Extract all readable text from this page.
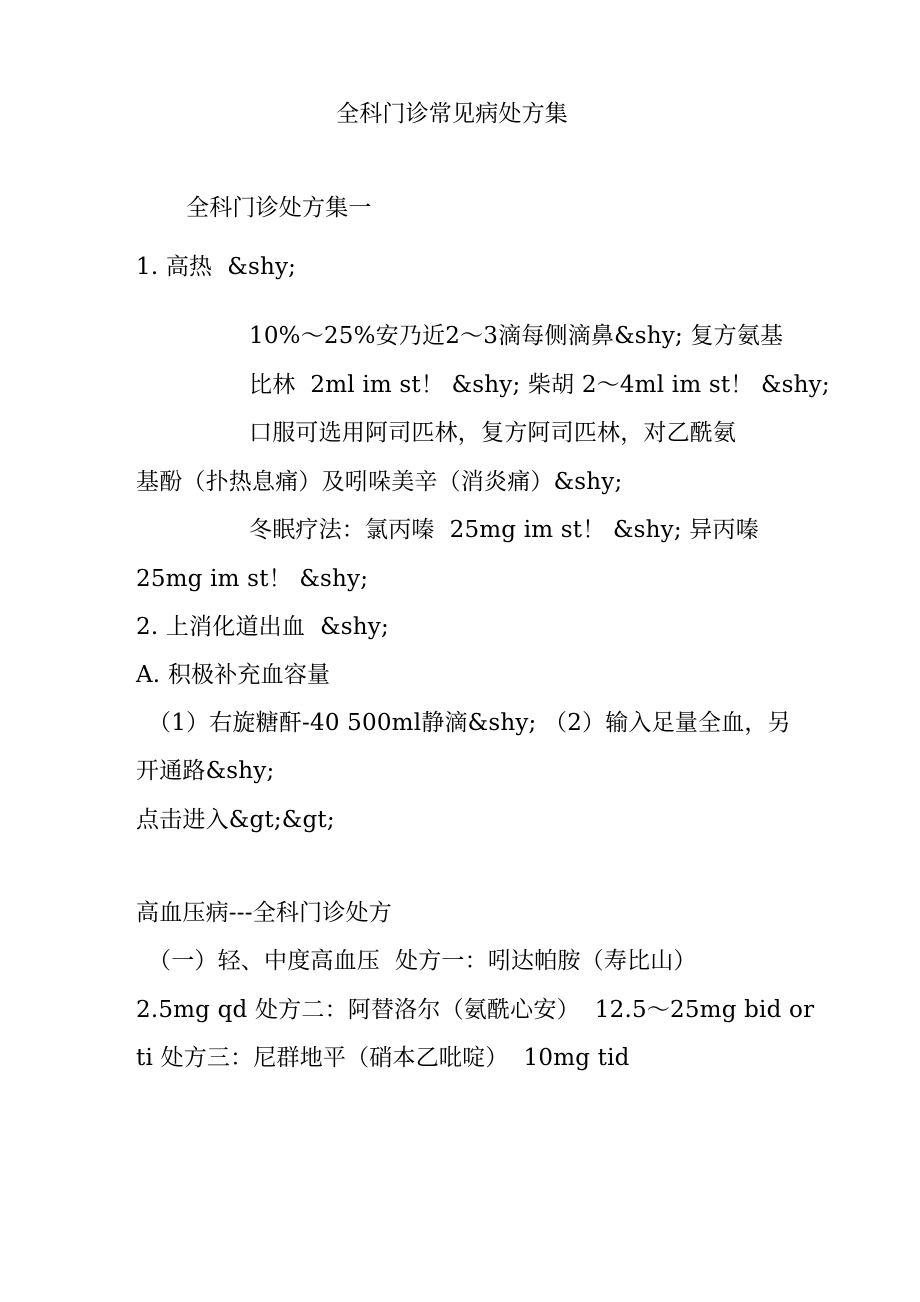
全科门诊常见病处方集
全科门诊处方集一
1. 高热  &shy;
10%〜25%安乃近2〜3滴每侧滴鼻&shy; 复方氨基
比林  2ml im st！ &shy; 柴胡 2〜4ml im st！ &shy;
口服可选用阿司匹林，复方阿司匹林，对乙酰氨
基酚（扑热息痛）及吲哚美辛（消炎痛）&shy;
冬眠疗法：氯丙嗪  25mg im st！ &shy; 异丙嗪
25mg im st！ &shy;
2. 上消化道出血  &shy;
A. 积极补充血容量
（1）右旋糖酐-40 500ml静滴&shy; （2）输入足量全血，另
开通路&shy;
点击进入&gt;&gt;
高血压病---全科门诊处方
（一）轻、中度高血压  处方一：吲达帕胺（寿比山）
2.5mg qd 处方二：阿替洛尔（氨酰心安）  12.5〜25mg bid or
ti 处方三：尼群地平（硝本乙吡啶）  10mg tid
